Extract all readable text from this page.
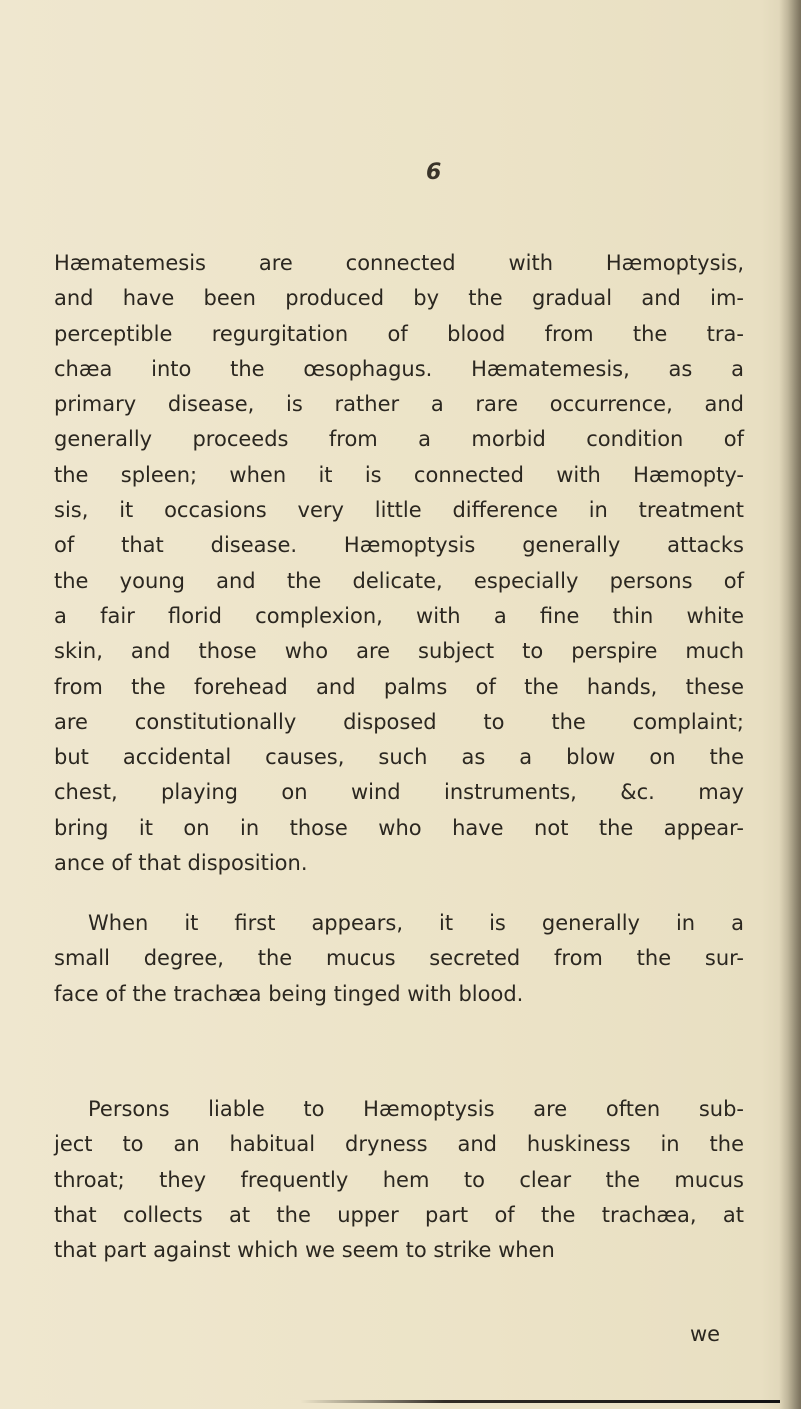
6

Hæmatemesis are connected with Hæmoptysis,
and have been produced by the gradual and im-
perceptible regurgitation of blood from the tra-
chæa into the œsophagus. Hæmatemesis, as a
primary disease, is rather a rare occurrence, and
generally proceeds from a morbid condition of
the spleen; when it is connected with Hæmopty-
sis, it occasions very little difference in treatment
of that disease. Hæmoptysis generally attacks
the young and the delicate, especially persons of
a fair florid complexion, with a fine thin white
skin, and those who are subject to perspire much
from the forehead and palms of the hands, these
are constitutionally disposed to the complaint;
but accidental causes, such as a blow on the
chest, playing on wind instruments, &c. may
bring it on in those who have not the appear-
ance of that disposition.

When it first appears, it is generally in a
small degree, the mucus secreted from the sur-
face of the trachæa being tinged with blood.

Persons liable to Hæmoptysis are often sub-
ject to an habitual dryness and huskiness in the
throat; they frequently hem to clear the mucus
that collects at the upper part of the trachæa, at
that part against which we seem to strike when

we
